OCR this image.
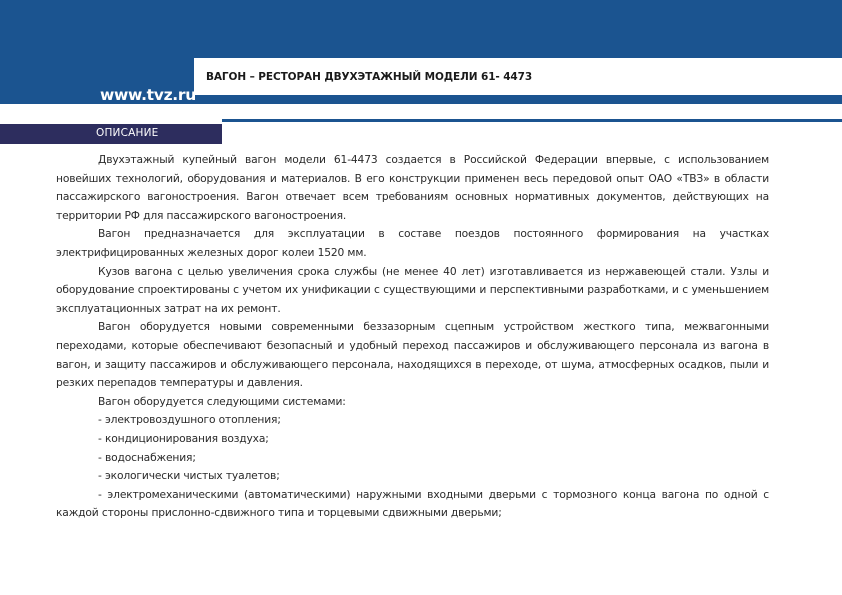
ВАГОН – РЕСТОРАН ДВУХЭТАЖНЫЙ МОДЕЛИ 61- 4473
www.tvz.ru
ОПИСАНИЕ

Двухэтажный купейный вагон модели 61-4473 создается в Российской Федерации впервые, с использованием новейших технологий, оборудования и материалов. В его конструкции применен весь передовой опыт ОАО «ТВЗ» в области пассажирского вагоностроения. Вагон отвечает всем требованиям основных нормативных документов, действующих на территории РФ для пассажирского вагоностроения.

Вагон предназначается для эксплуатации в составе поездов постоянного формирования на участках электрифицированных железных дорог колеи 1520 мм.

Кузов вагона с целью увеличения срока службы (не менее 40 лет) изготавливается из нержавеющей стали. Узлы и оборудование спроектированы с учетом их унификации с существующими и перспективными разработками, и с уменьшением эксплуатационных затрат на их ремонт.

Вагон оборудуется новыми современными беззазорным сцепным устройством жесткого типа, межвагонными переходами, которые обеспечивают безопасный и удобный переход пассажиров и обслуживающего персонала из вагона в вагон, и защиту пассажиров и обслуживающего персонала, находящихся в переходе, от шума, атмосферных осадков, пыли и резких перепадов температуры и давления.

Вагон оборудуется следующими системами:

- электровоздушного отопления;
- кондиционирования воздуха;
- водоснабжения;
- экологически чистых туалетов;
- электромеханическими (автоматическими) наружными входными дверьми с тормозного конца вагона по одной с каждой стороны прислонно-сдвижного типа и торцевыми сдвижными дверьми;
